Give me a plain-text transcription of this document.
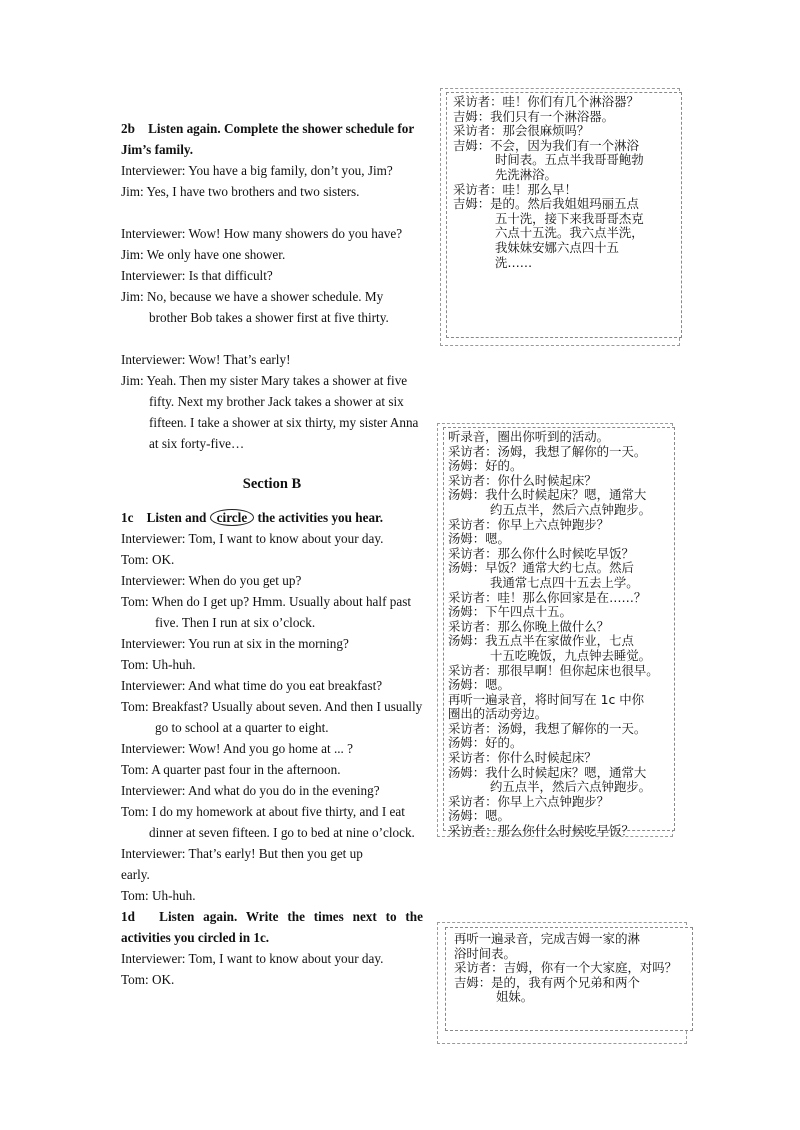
2b　Listen again. Complete the shower schedule for Jim’s family.

Interviewer: You have a big family, don’t you, Jim?

Jim: Yes, I have two brothers and two sisters.

Interviewer: Wow! How many showers do you have?

Jim: We only have one shower.

Interviewer: Is that difficult?

Jim: No, because we have a shower schedule. My brother Bob takes a shower first at five thirty.

Interviewer: Wow! That’s early!

Jim: Yeah. Then my sister Mary takes a shower at five fifty. Next my brother Jack takes a shower at six fifteen. I take a shower at six thirty, my sister Anna at six forty-five…

Section B

1c　Listen and circle the activities you hear.

Interviewer: Tom, I want to know about your day.

Tom: OK.

Interviewer: When do you get up?

Tom: When do I get up? Hmm. Usually about half past five. Then I run at six o’clock.

Interviewer: You run at six in the morning?

Tom: Uh-huh.

Interviewer: And what time do you eat breakfast?

Tom: Breakfast? Usually about seven. And then I usually go to school at a quarter to eight.

Interviewer: Wow! And you go home at ... ?

Tom: A quarter past four in the afternoon.

Interviewer: And what do you do in the evening?

Tom: I do my homework at about five thirty, and I eat dinner at seven fifteen. I go to bed at nine o’clock.

Interviewer: That’s early! But then you get up

early.

Tom: Uh-huh.

1d　Listen again. Write the times next to the

activities you circled in 1c.

Interviewer: Tom, I want to know about your day.

Tom: OK.

采访者：哇！你们有几个淋浴器？

吉姆：我们只有一个淋浴器。

采访者：那会很麻烦吗？

吉姆：不会，因为我们有一个淋浴

时间表。五点半我哥哥鲍勃

先洗淋浴。

采访者：哇！那么早！

吉姆：是的。然后我姐姐玛丽五点

五十洗，接下来我哥哥杰克

六点十五洗。我六点半洗，

我妹妹安娜六点四十五

洗……

听录音，圈出你听到的活动。

采访者：汤姆，我想了解你的一天。

汤姆：好的。

采访者：你什么时候起床？

汤姆：我什么时候起床？嗯，通常大

约五点半，然后六点钟跑步。

采访者：你早上六点钟跑步？

汤姆：嗯。

采访者：那么你什么时候吃早饭？

汤姆：早饭？通常大约七点。然后

我通常七点四十五去上学。

采访者：哇！那么你回家是在……？

汤姆：下午四点十五。

采访者：那么你晚上做什么？

汤姆：我五点半在家做作业，七点

十五吃晚饭，九点钟去睡觉。

采访者：那很早啊！但你起床也很早。

汤姆：嗯。

再听一遍录音，将时间写在 1c 中你

圈出的活动旁边。

采访者：汤姆，我想了解你的一天。

汤姆：好的。

采访者：你什么时候起床？

汤姆：我什么时候起床？嗯，通常大

约五点半，然后六点钟跑步。

采访者：你早上六点钟跑步？

汤姆：嗯。

采访者：那么你什么时候吃早饭？

再听一遍录音，完成吉姆一家的淋

浴时间表。

采访者：吉姆，你有一个大家庭，对吗？

吉姆：是的，我有两个兄弟和两个

姐妹。
